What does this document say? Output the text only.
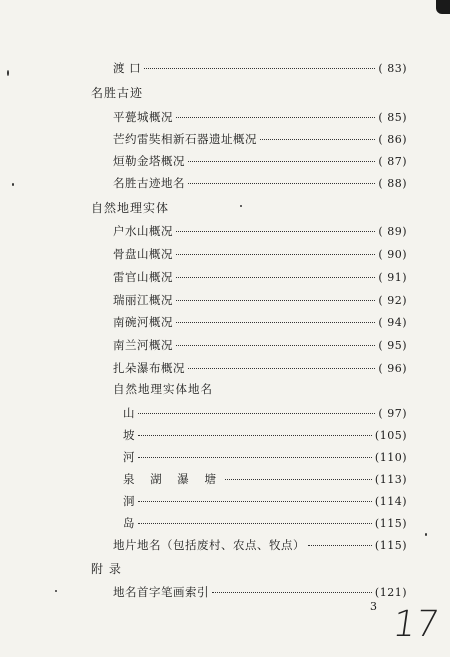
渡 口	( 83)
名胜古迹
平甍城概况	( 85)
芒约雷奘相新石器遗址概况	( 86)
烜勒金塔概况	( 87)
名胜古迹地名	( 88)
自然地理实体
户水山概况	( 89)
骨盘山概况	( 90)
雷官山概况	( 91)
瑞丽江概况	( 92)
南碗河概况	( 94)
南兰河概况	( 95)
扎朵瀑布概况	( 96)
自然地理实体地名
山	( 97)
坡	(105)
河	(110)
泉 湖 瀑 塘	(113)
洞	(114)
岛	(115)
地片地名（包括废村、农点、牧点）	(115)
附 录
地名首字笔画索引	(121)
3 17
